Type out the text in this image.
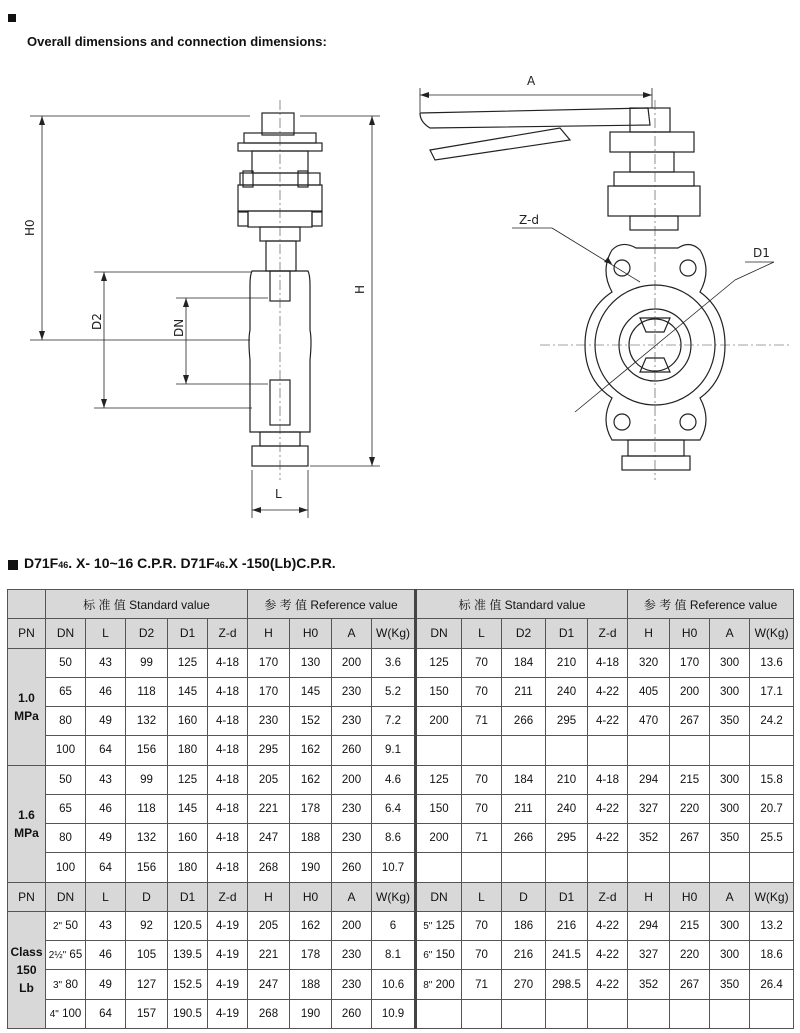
Overall dimensions and connection dimensions:
H0
D2	DN
H
L
A
Z-d
D1
D71F46. X- 10~16 C.P.R. D71F46.X -150(Lb)C.P.R.
	标 准 值 Standard value					参 考 值 Reference value				标 准 值 Standard value					参 考 值 Reference value			
PN	DN	L	D2	D1	Z-d	H	H0	A	W(Kg)	DN	L	D2	D1	Z-d	H	H0	A	W(Kg)

1.0
MPa	50	43	99	125	4-18	170	130	200	3.6	125	70	184	210	4-18	320	170	300	13.6
	65	46	118	145	4-18	170	145	230	5.2	150	70	211	240	4-22	405	200	300	17.1
	80	49	132	160	4-18	230	152	230	7.2	200	71	266	295	4-22	470	267	350	24.2
	100	64	156	180	4-18	295	162	260	9.1									

1.6
MPa	50	43	99	125	4-18	205	162	200	4.6	125	70	184	210	4-18	294	215	300	15.8
	65	46	118	145	4-18	221	178	230	6.4	150	70	211	240	4-22	327	220	300	20.7
	80	49	132	160	4-18	247	188	230	8.6	200	71	266	295	4-22	352	267	350	25.5
	100	64	156	180	4-18	268	190	260	10.7									
PN	DN	L	D	D1	Z-d	H	H0	A	W(Kg)	DN	L	D	D1	Z-d	H	H0	A	W(Kg)

Class
150
Lb	2" 50	43	92	120.5	4-19	205	162	200	6	5" 125	70	186	216	4-22	294	215	300	13.2
	2½" 65	46	105	139.5	4-19	221	178	230	8.1	6" 150	70	216	241.5	4-22	327	220	300	18.6
	3" 80	49	127	152.5	4-19	247	188	230	10.6	8" 200	71	270	298.5	4-22	352	267	350	26.4
	4" 100	64	157	190.5	4-19	268	190	260	10.9									
